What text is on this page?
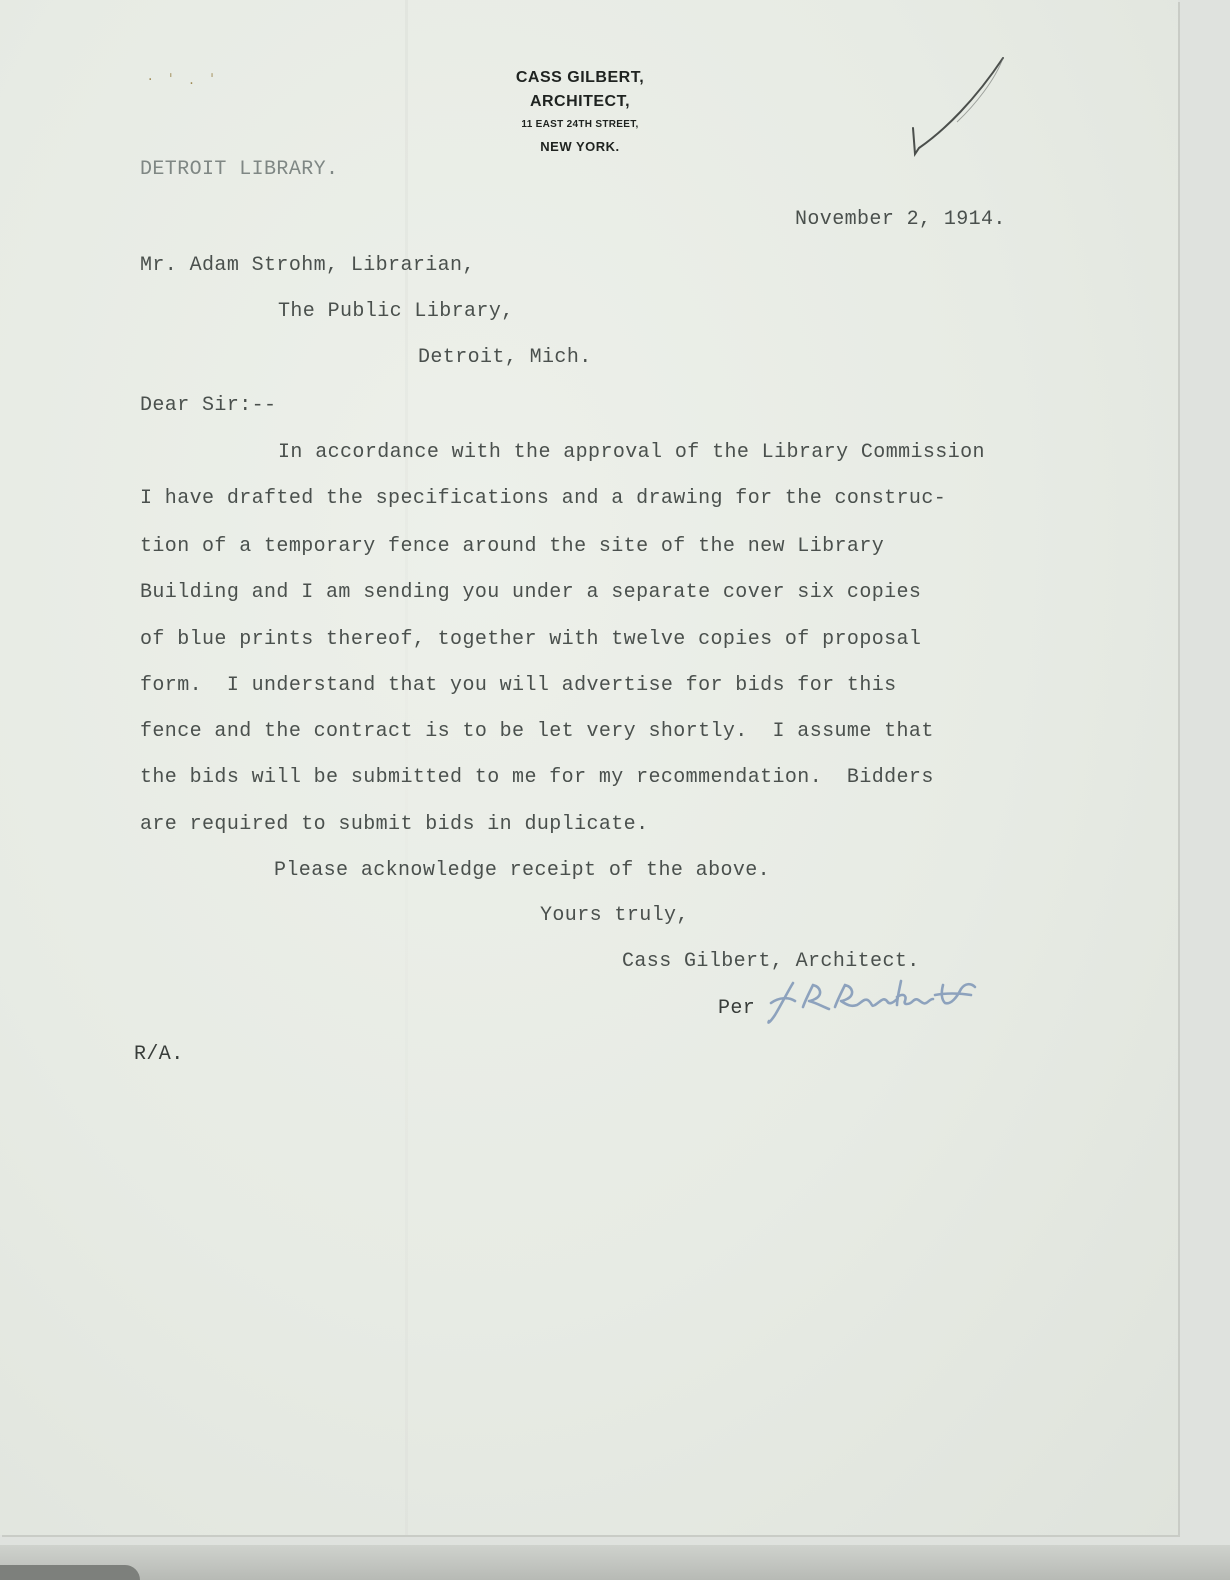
· ˈ . ˈ	CASS GILBERT,
ARCHITECT,
11 EAST 24TH STREET,
NEW YORK.
DETROIT LIBRARY.
November 2, 1914.
Mr. Adam Strohm, Librarian,
The Public Library,
Detroit, Mich.
Dear Sir:--
In accordance with the approval of the Library Commission
I have drafted the specifications and a drawing for the construc-
tion of a temporary fence around the site of the new Library
Building and I am sending you under a separate cover six copies
of blue prints thereof, together with twelve copies of proposal
form.  I understand that you will advertise for bids for this
fence and the contract is to be let very shortly.  I assume that
the bids will be submitted to me for my recommendation.  Bidders
are required to submit bids in duplicate.
Please acknowledge receipt of the above.
Yours truly,
Cass Gilbert, Architect.
Per
R/A.
